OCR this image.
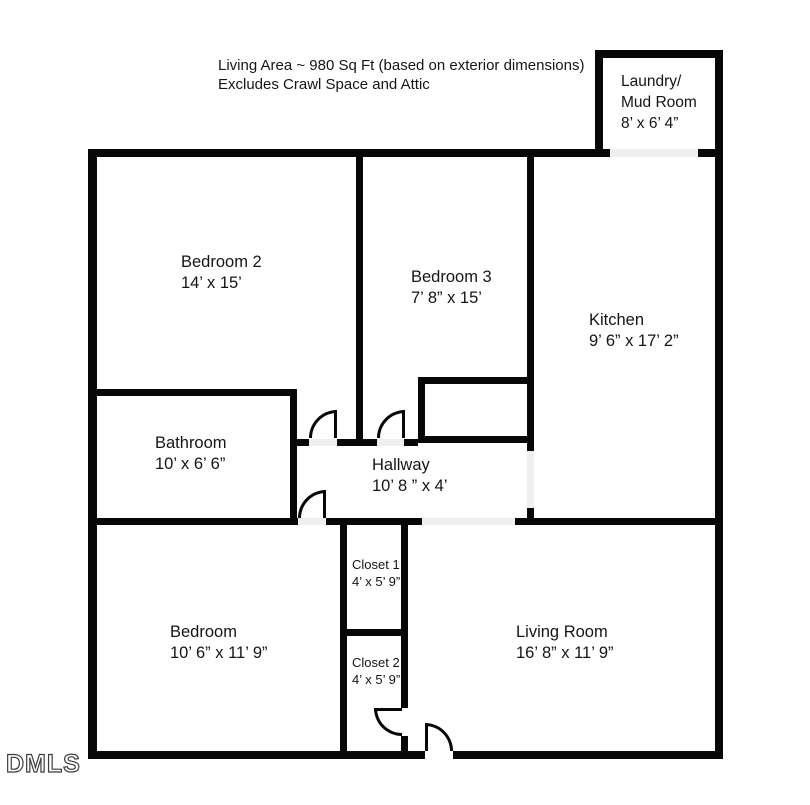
Living Area ~ 980 Sq Ft (based on exterior dimensions)
Excludes Crawl Space and Attic	Laundry/
Mud Room
8’ x 6’ 4”
Bedroom 2
14’ x 15’	Bedroom 3
7’ 8” x 15’
Kitchen
9’ 6” x 17’ 2”
Bathroom
10’ x 6’ 6”	Hallway
10’ 8 ” x 4’
Closet 1
4’ x 5’ 9”
Bedroom
10’ 6” x 11’ 9”
Closet 2
4’ x 5’ 9”
Living Room
16’ 8” x 11’ 9”
DMLS
